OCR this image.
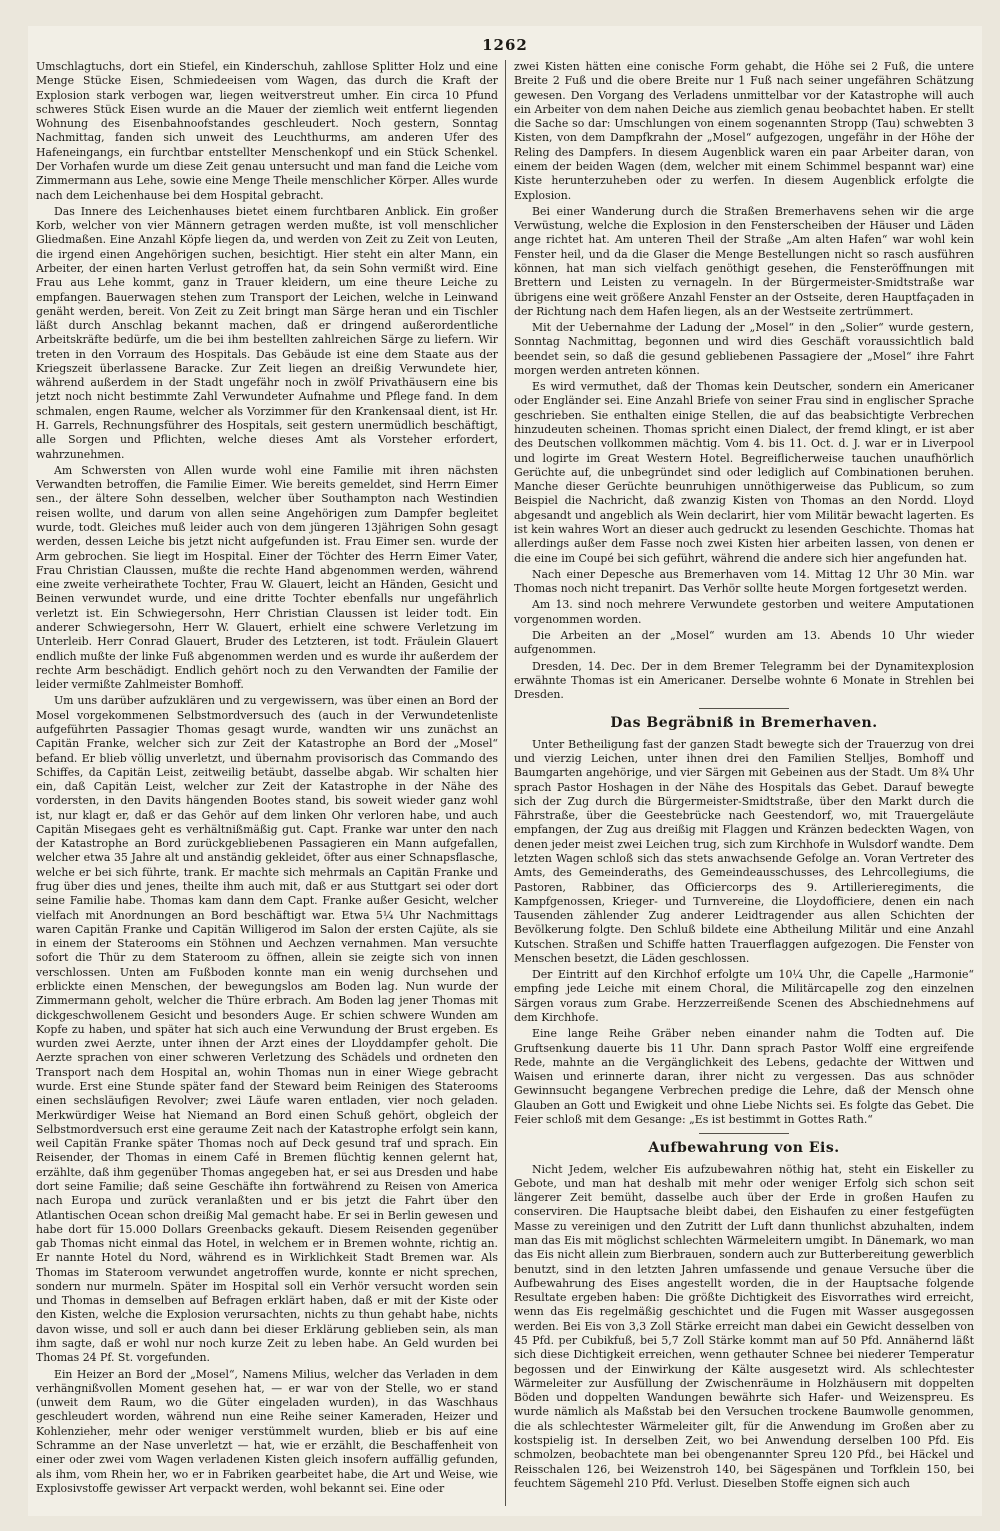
1262

Umschlagtuchs, dort ein Stiefel, ein Kinderschuh, zahllose Splitter Holz und eine Menge Stücke Eisen, Schmiedeeisen vom Wagen, das durch die Kraft der Explosion stark verbogen war, liegen weitverstreut umher. Ein circa 10 Pfund schweres Stück Eisen wurde an die Mauer der ziemlich weit entfernt liegenden Wohnung des Eisenbahnoofstandes geschleudert. Noch gestern, Sonntag Nachmittag, fanden sich unweit des Leuchthurms, am anderen Ufer des Hafeneingangs, ein furchtbar entstellter Menschenkopf und ein Stück Schenkel. Der Vorhafen wurde um diese Zeit genau untersucht und man fand die Leiche vom Zimmermann aus Lehe, sowie eine Menge Theile menschlicher Körper. Alles wurde nach dem Leichenhause bei dem Hospital gebracht.

Das Innere des Leichenhauses bietet einem furchtbaren Anblick. Ein großer Korb, welcher von vier Männern getragen werden mußte, ist voll menschlicher Gliedmaßen. Eine Anzahl Köpfe liegen da, und werden von Zeit zu Zeit von Leuten, die irgend einen Angehörigen suchen, besichtigt. Hier steht ein alter Mann, ein Arbeiter, der einen harten Verlust getroffen hat, da sein Sohn vermißt wird. Eine Frau aus Lehe kommt, ganz in Trauer kleidern, um eine theure Leiche zu empfangen. Bauerwagen stehen zum Transport der Leichen, welche in Leinwand genäht werden, bereit. Von Zeit zu Zeit bringt man Särge heran und ein Tischler läßt durch Anschlag bekannt machen, daß er dringend außerordentliche Arbeitskräfte bedürfe, um die bei ihm bestellten zahlreichen Särge zu liefern. Wir treten in den Vorraum des Hospitals. Das Gebäude ist eine dem Staate aus der Kriegszeit überlassene Baracke. Zur Zeit liegen an dreißig Verwundete hier, während außerdem in der Stadt ungefähr noch in zwölf Privathäusern eine bis jetzt noch nicht bestimmte Zahl Verwundeter Aufnahme und Pflege fand. In dem schmalen, engen Raume, welcher als Vorzimmer für den Krankensaal dient, ist Hr. H. Garrels, Rechnungsführer des Hospitals, seit gestern unermüdlich beschäftigt, alle Sorgen und Pflichten, welche dieses Amt als Vorsteher erfordert, wahrzunehmen.

Am Schwersten von Allen wurde wohl eine Familie mit ihren nächsten Verwandten betroffen, die Familie Eimer. Wie bereits gemeldet, sind Herrn Eimer sen., der ältere Sohn desselben, welcher über Southampton nach Westindien reisen wollte, und darum von allen seine Angehörigen zum Dampfer begleitet wurde, todt. Gleiches muß leider auch von dem jüngeren 13jährigen Sohn gesagt werden, dessen Leiche bis jetzt nicht aufgefunden ist. Frau Eimer sen. wurde der Arm gebrochen. Sie liegt im Hospital. Einer der Töchter des Herrn Eimer Vater, Frau Christian Claussen, mußte die rechte Hand abgenommen werden, während eine zweite verheirathete Tochter, Frau W. Glauert, leicht an Händen, Gesicht und Beinen verwundet wurde, und eine dritte Tochter ebenfalls nur ungefährlich verletzt ist. Ein Schwiegersohn, Herr Christian Claussen ist leider todt. Ein anderer Schwiegersohn, Herr W. Glauert, erhielt eine schwere Verletzung im Unterleib. Herr Conrad Glauert, Bruder des Letzteren, ist todt. Fräulein Glauert endlich mußte der linke Fuß abgenommen werden und es wurde ihr außerdem der rechte Arm beschädigt. Endlich gehört noch zu den Verwandten der Familie der leider vermißte Zahlmeister Bomhoff.

Um uns darüber aufzuklären und zu vergewissern, was über einen an Bord der Mosel vorgekommenen Selbstmordversuch des (auch in der Verwundetenliste aufgeführten Passagier Thomas gesagt wurde, wandten wir uns zunächst an Capitän Franke, welcher sich zur Zeit der Katastrophe an Bord der „Mosel“ befand. Er blieb völlig unverletzt, und übernahm provisorisch das Commando des Schiffes, da Capitän Leist, zeitweilig betäubt, dasselbe abgab. Wir schalten hier ein, daß Capitän Leist, welcher zur Zeit der Katastrophe in der Nähe des vordersten, in den Davits hängenden Bootes stand, bis soweit wieder ganz wohl ist, nur klagt er, daß er das Gehör auf dem linken Ohr verloren habe, und auch Capitän Misegaes geht es verhältnißmäßig gut. Capt. Franke war unter den nach der Katastrophe an Bord zurückgebliebenen Passagieren ein Mann aufgefallen, welcher etwa 35 Jahre alt und anständig gekleidet, öfter aus einer Schnapsflasche, welche er bei sich führte, trank. Er machte sich mehrmals an Capitän Franke und frug über dies und jenes, theilte ihm auch mit, daß er aus Stuttgart sei oder dort seine Familie habe. Thomas kam dann dem Capt. Franke außer Gesicht, welcher vielfach mit Anordnungen an Bord beschäftigt war. Etwa 5¼ Uhr Nachmittags waren Capitän Franke und Capitän Willigerod im Salon der ersten Cajüte, als sie in einem der Staterooms ein Stöhnen und Aechzen vernahmen. Man versuchte sofort die Thür zu dem Stateroom zu öffnen, allein sie zeigte sich von innen verschlossen. Unten am Fußboden konnte man ein wenig durchsehen und erblickte einen Menschen, der bewegungslos am Boden lag. Nun wurde der Zimmermann geholt, welcher die Thüre erbrach. Am Boden lag jener Thomas mit dickgeschwollenem Gesicht und besonders Auge. Er schien schwere Wunden am Kopfe zu haben, und später hat sich auch eine Verwundung der Brust ergeben. Es wurden zwei Aerzte, unter ihnen der Arzt eines der Lloyddampfer geholt. Die Aerzte sprachen von einer schweren Verletzung des Schädels und ordneten den Transport nach dem Hospital an, wohin Thomas nun in einer Wiege gebracht wurde. Erst eine Stunde später fand der Steward beim Reinigen des Staterooms einen sechsläufigen Revolver; zwei Läufe waren entladen, vier noch geladen. Merkwürdiger Weise hat Niemand an Bord einen Schuß gehört, obgleich der Selbstmordversuch erst eine geraume Zeit nach der Katastrophe erfolgt sein kann, weil Capitän Franke später Thomas noch auf Deck gesund traf und sprach. Ein Reisender, der Thomas in einem Café in Bremen flüchtig kennen gelernt hat, erzählte, daß ihm gegenüber Thomas angegeben hat, er sei aus Dresden und habe dort seine Familie; daß seine Geschäfte ihn fortwährend zu Reisen von America nach Europa und zurück veranlaßten und er bis jetzt die Fahrt über den Atlantischen Ocean schon dreißig Mal gemacht habe. Er sei in Berlin gewesen und habe dort für 15.000 Dollars Greenbacks gekauft. Diesem Reisenden gegenüber gab Thomas nicht einmal das Hotel, in welchem er in Bremen wohnte, richtig an. Er nannte Hotel du Nord, während es in Wirklichkeit Stadt Bremen war. Als Thomas im Stateroom verwundet angetroffen wurde, konnte er nicht sprechen, sondern nur murmeln. Später im Hospital soll ein Verhör versucht worden sein und Thomas in demselben auf Befragen erklärt haben, daß er mit der Kiste oder den Kisten, welche die Explosion verursachten, nichts zu thun gehabt habe, nichts davon wisse, und soll er auch dann bei dieser Erklärung geblieben sein, als man ihm sagte, daß er wohl nur noch kurze Zeit zu leben habe. An Geld wurden bei Thomas 24 Pf. St. vorgefunden.

Ein Heizer an Bord der „Mosel“, Namens Milius, welcher das Verladen in dem verhängnißvollen Moment gesehen hat, — er war von der Stelle, wo er stand (unweit dem Raum, wo die Güter eingeladen wurden), in das Waschhaus geschleudert worden, während nun eine Reihe seiner Kameraden, Heizer und Kohlenzieher, mehr oder weniger verstümmelt wurden, blieb er bis auf eine Schramme an der Nase unverletzt — hat, wie er erzählt, die Beschaffenheit von einer oder zwei vom Wagen verladenen Kisten gleich insofern auffällig gefunden, als ihm, vom Rhein her, wo er in Fabriken gearbeitet habe, die Art und Weise, wie Explosivstoffe gewisser Art verpackt werden, wohl bekannt sei. Eine oder

zwei Kisten hätten eine conische Form gehabt, die Höhe sei 2 Fuß, die untere Breite 2 Fuß und die obere Breite nur 1 Fuß nach seiner ungefähren Schätzung gewesen. Den Vorgang des Verladens unmittelbar vor der Katastrophe will auch ein Arbeiter von dem nahen Deiche aus ziemlich genau beobachtet haben. Er stellt die Sache so dar: Umschlungen von einem sogenannten Stropp (Tau) schwebten 3 Kisten, von dem Dampfkrahn der „Mosel“ aufgezogen, ungefähr in der Höhe der Reling des Dampfers. In diesem Augenblick waren ein paar Arbeiter daran, von einem der beiden Wagen (dem, welcher mit einem Schimmel bespannt war) eine Kiste herunterzuheben oder zu werfen. In diesem Augenblick erfolgte die Explosion.

Bei einer Wanderung durch die Straßen Bremerhavens sehen wir die arge Verwüstung, welche die Explosion in den Fensterscheiben der Häuser und Läden ange richtet hat. Am unteren Theil der Straße „Am alten Hafen“ war wohl kein Fenster heil, und da die Glaser die Menge Bestellungen nicht so rasch ausführen können, hat man sich vielfach genöthigt gesehen, die Fensteröffnungen mit Brettern und Leisten zu vernageln. In der Bürgermeister-Smidtstraße war übrigens eine weit größere Anzahl Fenster an der Ostseite, deren Hauptfaçaden in der Richtung nach dem Hafen liegen, als an der Westseite zertrümmert.

Mit der Uebernahme der Ladung der „Mosel“ in den „Solier“ wurde gestern, Sonntag Nachmittag, begonnen und wird dies Geschäft voraussichtlich bald beendet sein, so daß die gesund gebliebenen Passagiere der „Mosel“ ihre Fahrt morgen werden antreten können.

Es wird vermuthet, daß der Thomas kein Deutscher, sondern ein Americaner oder Engländer sei. Eine Anzahl Briefe von seiner Frau sind in englischer Sprache geschrieben. Sie enthalten einige Stellen, die auf das beabsichtigte Verbrechen hinzudeuten scheinen. Thomas spricht einen Dialect, der fremd klingt, er ist aber des Deutschen vollkommen mächtig. Vom 4. bis 11. Oct. d. J. war er in Liverpool und logirte im Great Western Hotel. Begreiflicherweise tauchen unaufhörlich Gerüchte auf, die unbegründet sind oder lediglich auf Combinationen beruhen. Manche dieser Gerüchte beunruhigen unnöthigerweise das Publicum, so zum Beispiel die Nachricht, daß zwanzig Kisten von Thomas an den Nordd. Lloyd abgesandt und angeblich als Wein declarirt, hier vom Militär bewacht lagerten. Es ist kein wahres Wort an dieser auch gedruckt zu lesenden Geschichte. Thomas hat allerdings außer dem Fasse noch zwei Kisten hier arbeiten lassen, von denen er die eine im Coupé bei sich geführt, während die andere sich hier angefunden hat.

Nach einer Depesche aus Bremerhaven vom 14. Mittag 12 Uhr 30 Min. war Thomas noch nicht trepanirt. Das Verhör sollte heute Morgen fortgesetzt werden.

Am 13. sind noch mehrere Verwundete gestorben und weitere Amputationen vorgenommen worden.

Die Arbeiten an der „Mosel“ wurden am 13. Abends 10 Uhr wieder aufgenommen.

Dresden, 14. Dec. Der in dem Bremer Telegramm bei der Dynamitexplosion erwähnte Thomas ist ein Americaner. Derselbe wohnte 6 Monate in Strehlen bei Dresden.

Das Begräbniß in Bremerhaven.

Unter Betheiligung fast der ganzen Stadt bewegte sich der Trauerzug von drei und vierzig Leichen, unter ihnen drei den Familien Stelljes, Bomhoff und Baumgarten angehörige, und vier Särgen mit Gebeinen aus der Stadt. Um 8¾ Uhr sprach Pastor Hoshagen in der Nähe des Hospitals das Gebet. Darauf bewegte sich der Zug durch die Bürgermeister-Smidtstraße, über den Markt durch die Fährstraße, über die Geestebrücke nach Geestendorf, wo, mit Trauergeläute empfangen, der Zug aus dreißig mit Flaggen und Kränzen bedeckten Wagen, von denen jeder meist zwei Leichen trug, sich zum Kirchhofe in Wulsdorf wandte. Dem letzten Wagen schloß sich das stets anwachsende Gefolge an. Voran Vertreter des Amts, des Gemeinderaths, des Gemeindeausschusses, des Lehrcollegiums, die Pastoren, Rabbiner, das Officiercorps des 9. Artillerieregiments, die Kampfgenossen, Krieger- und Turnvereine, die Lloydofficiere, denen ein nach Tausenden zählender Zug anderer Leidtragender aus allen Schichten der Bevölkerung folgte. Den Schluß bildete eine Abtheilung Militär und eine Anzahl Kutschen. Straßen und Schiffe hatten Trauerflaggen aufgezogen. Die Fenster von Menschen besetzt, die Läden geschlossen.

Der Eintritt auf den Kirchhof erfolgte um 10¼ Uhr, die Capelle „Harmonie“ empfing jede Leiche mit einem Choral, die Militärcapelle zog den einzelnen Särgen voraus zum Grabe. Herzzerreißende Scenen des Abschiednehmens auf dem Kirchhofe.

Eine lange Reihe Gräber neben einander nahm die Todten auf. Die Gruftsenkung dauerte bis 11 Uhr. Dann sprach Pastor Wolff eine ergreifende Rede, mahnte an die Vergänglichkeit des Lebens, gedachte der Wittwen und Waisen und erinnerte daran, ihrer nicht zu vergessen. Das aus schnöder Gewinnsucht begangene Verbrechen predige die Lehre, daß der Mensch ohne Glauben an Gott und Ewigkeit und ohne Liebe Nichts sei. Es folgte das Gebet. Die Feier schloß mit dem Gesange: „Es ist bestimmt in Gottes Rath.“

Aufbewahrung von Eis.

Nicht Jedem, welcher Eis aufzubewahren nöthig hat, steht ein Eiskeller zu Gebote, und man hat deshalb mit mehr oder weniger Erfolg sich schon seit längerer Zeit bemüht, dasselbe auch über der Erde in großen Haufen zu conserviren. Die Hauptsache bleibt dabei, den Eishaufen zu einer festgefügten Masse zu vereinigen und den Zutritt der Luft dann thunlichst abzuhalten, indem man das Eis mit möglichst schlechten Wärmeleitern umgibt. In Dänemark, wo man das Eis nicht allein zum Bierbrauen, sondern auch zur Butterbereitung gewerblich benutzt, sind in den letzten Jahren umfassende und genaue Versuche über die Aufbewahrung des Eises angestellt worden, die in der Hauptsache folgende Resultate ergeben haben: Die größte Dichtigkeit des Eisvorrathes wird erreicht, wenn das Eis regelmäßig geschichtet und die Fugen mit Wasser ausgegossen werden. Bei Eis von 3,3 Zoll Stärke erreicht man dabei ein Gewicht desselben von 45 Pfd. per Cubikfuß, bei 5,7 Zoll Stärke kommt man auf 50 Pfd. Annähernd läßt sich diese Dichtigkeit erreichen, wenn gethauter Schnee bei niederer Temperatur begossen und der Einwirkung der Kälte ausgesetzt wird. Als schlechtester Wärmeleiter zur Ausfüllung der Zwischenräume in Holzhäusern mit doppelten Böden und doppelten Wandungen bewährte sich Hafer- und Weizenspreu. Es wurde nämlich als Maßstab bei den Versuchen trockene Baumwolle genommen, die als schlechtester Wärmeleiter gilt, für die Anwendung im Großen aber zu kostspielig ist. In derselben Zeit, wo bei Anwendung derselben 100 Pfd. Eis schmolzen, beobachtete man bei obengenannter Spreu 120 Pfd., bei Häckel und Reisschalen 126, bei Weizenstroh 140, bei Sägespänen und Torfklein 150, bei feuchtem Sägemehl 210 Pfd. Verlust. Dieselben Stoffe eignen sich auch
